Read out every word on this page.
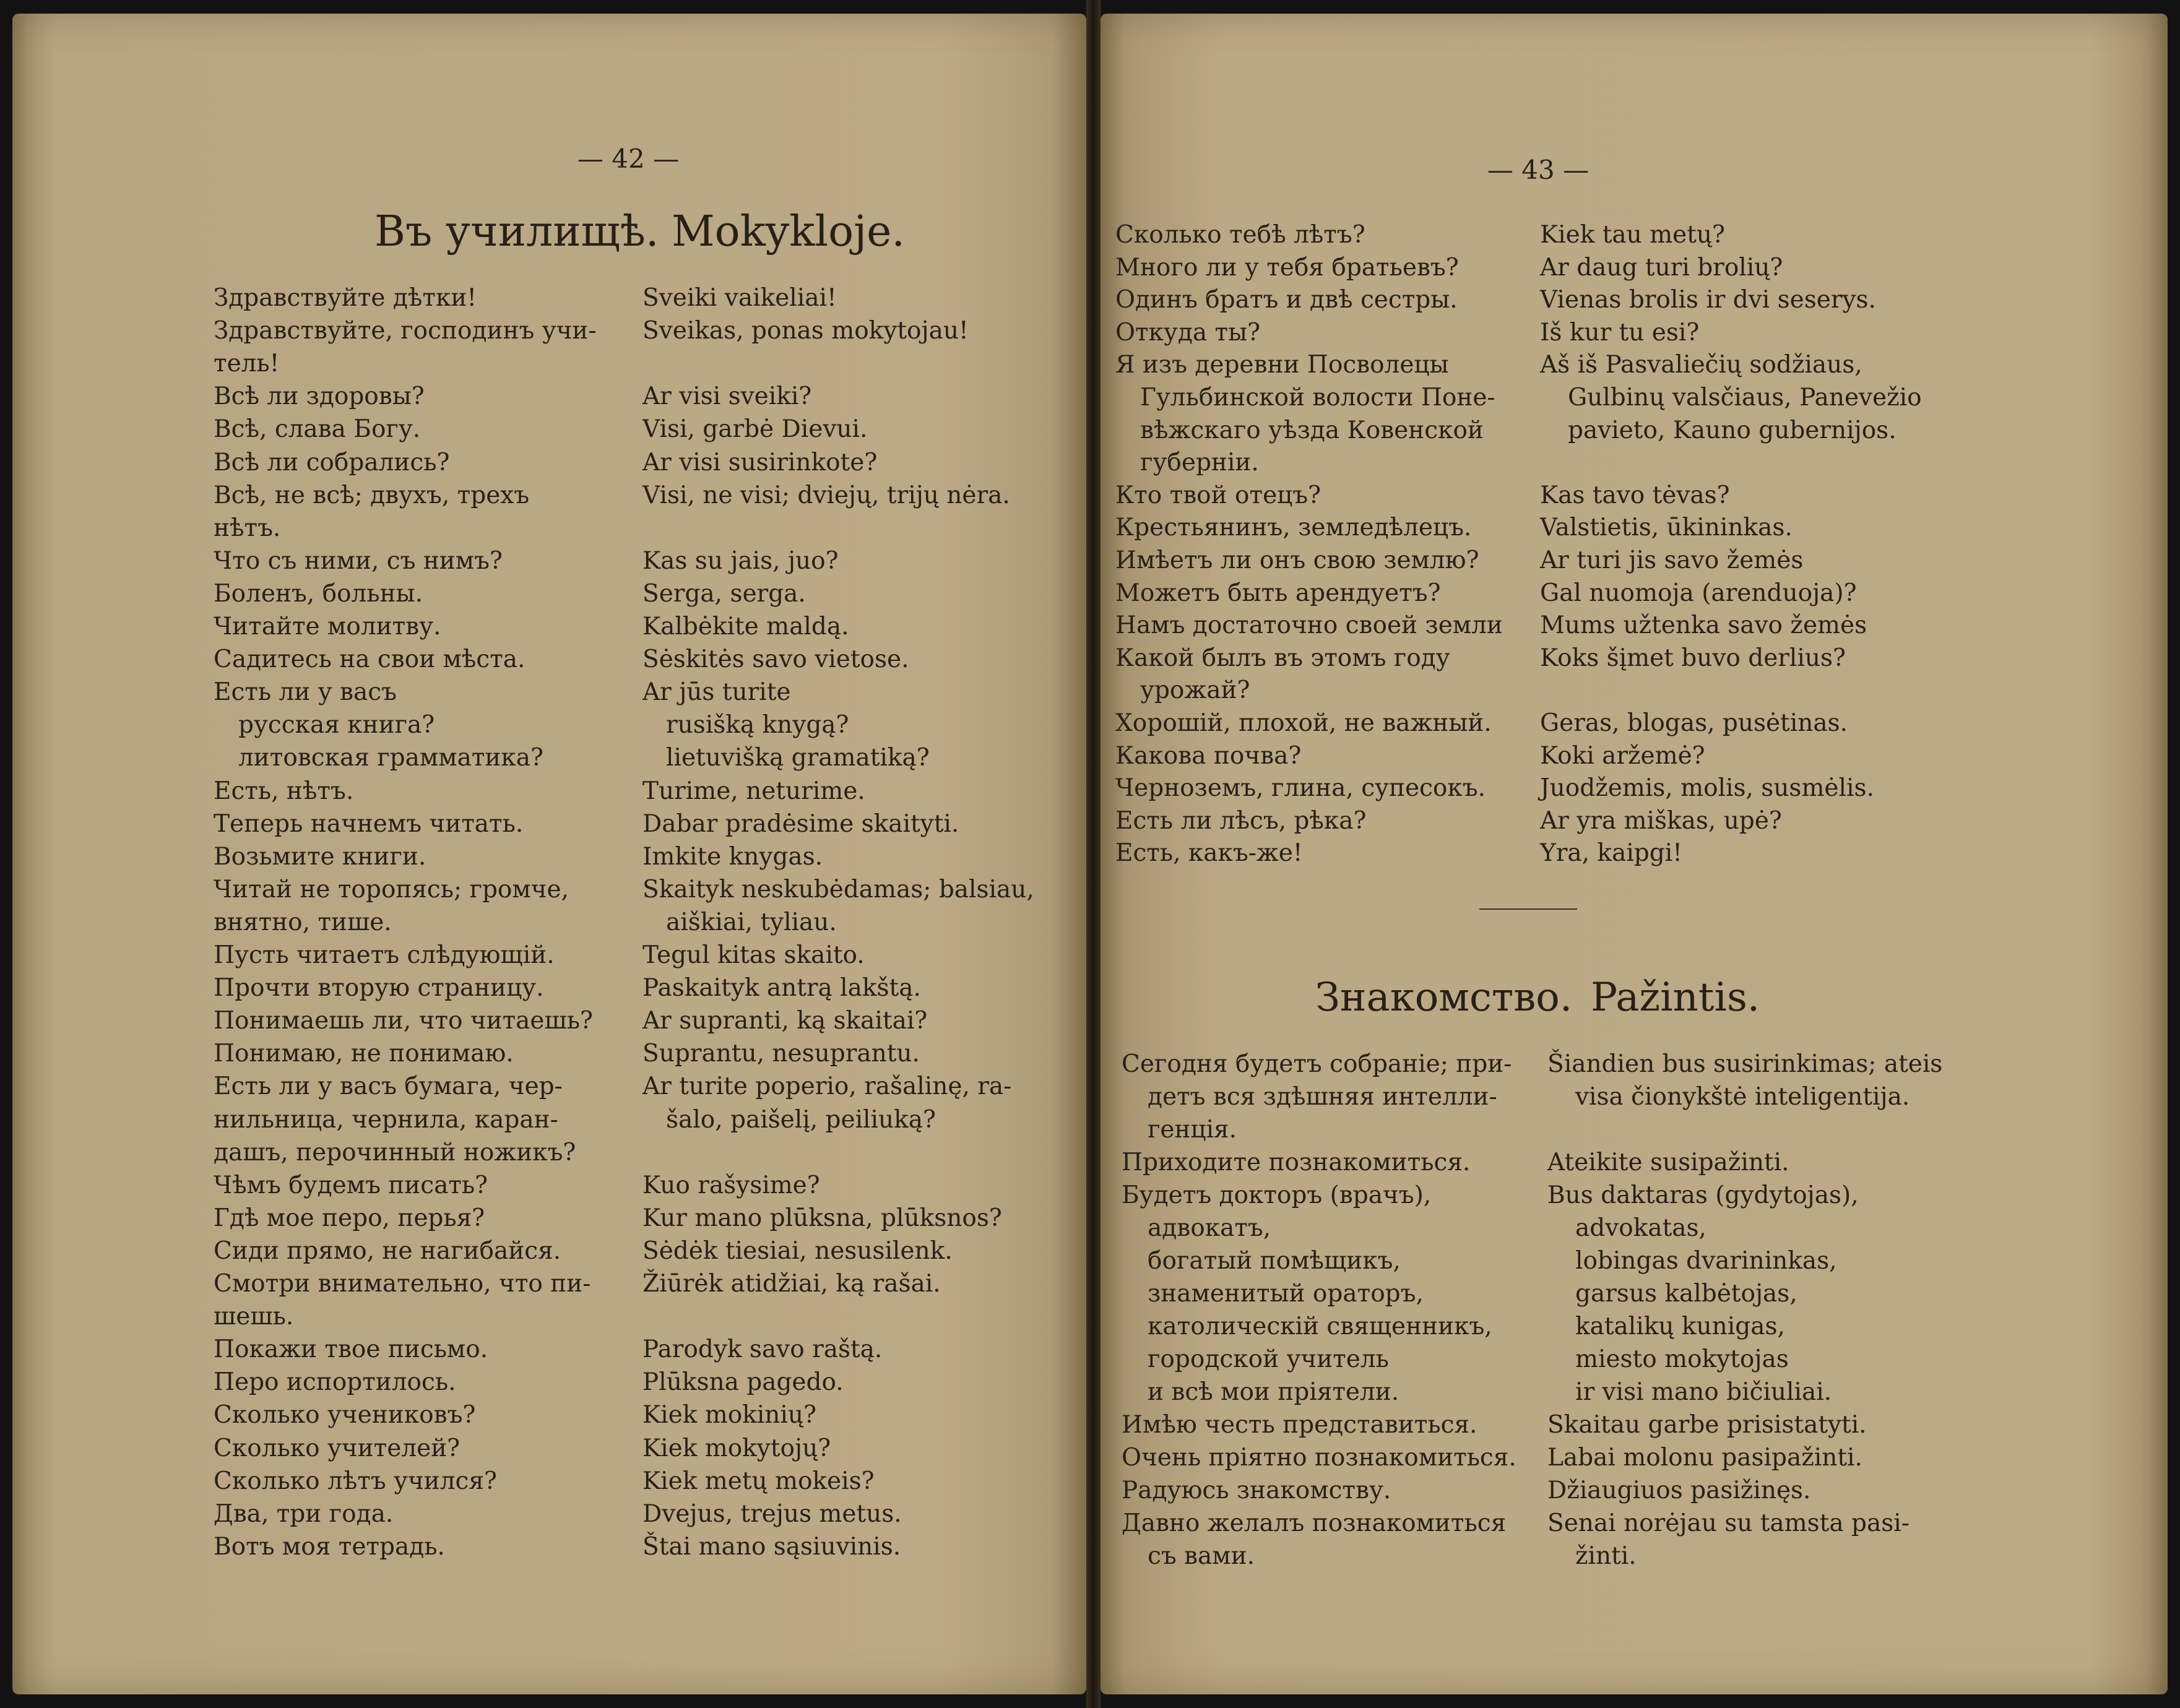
— 42 —
Въ училищѣ. Mokykloje.
— 43 —
Здравствуйте дѣтки!
Здравствуйте, господинъ учи-
тель!
Всѣ ли здоровы?
Всѣ, слава Богу.
Всѣ ли собрались?
Всѣ, не всѣ; двухъ, трехъ
нѣтъ.
Что съ ними, съ нимъ?
Боленъ, больны.
Читайте молитву.
Садитесь на свои мѣста.
Есть ли у васъ
русская книга?
литовская грамматика?
Есть, нѣтъ.
Теперь начнемъ читать.
Возьмите книги.
Читай не торопясь; громче,
внятно, тише.
Пусть читаетъ слѣдующій.
Прочти вторую страницу.
Понимаешь ли, что читаешь?
Понимаю, не понимаю.
Есть ли у васъ бумага, чер-
нильница, чернила, каран-
дашъ, перочинный ножикъ?
Чѣмъ будемъ писать?
Гдѣ мое перо, перья?
Сиди прямо, не нагибайся.
Смотри внимательно, что пи-
шешь.
Покажи твое письмо.
Перо испортилось.
Сколько учениковъ?
Сколько учителей?
Сколько лѣтъ учился?
Два, три года.
Вотъ моя тетрадь.
Sveiki vaikeliai!
Sveikas, ponas mokytojau!
Ar visi sveiki?
Visi, garbė Dievui.
Ar visi susirinkote?
Visi, ne visi; dviejų, trijų nėra.
Kas su jais, juo?
Serga, serga.
Kalbėkite maldą.
Sėskitės savo vietose.
Ar jūs turite
rusišką knygą?
lietuvišką gramatiką?
Turime, neturime.
Dabar pradėsime skaityti.
Imkite knygas.
Skaityk neskubėdamas; balsiau,
aiškiai, tyliau.
Tegul kitas skaito.
Paskaityk antrą lakštą.
Ar supranti, ką skaitai?
Suprantu, nesuprantu.
Ar turite poperio, rašalinę, ra-
šalo, paišelį, peiliuką?
Kuo rašysime?
Kur mano plūksna, plūksnos?
Sėdėk tiesiai, nesusilenk.
Žiūrėk atidžiai, ką rašai.
Parodyk savo raštą.
Plūksna pagedo.
Kiek mokinių?
Kiek mokytojų?
Kiek metų mokeis?
Dvejus, trejus metus.
Štai mano sąsiuvinis.
Сколько тебѣ лѣтъ?
Много ли у тебя братьевъ?
Одинъ братъ и двѣ сестры.
Откуда ты?
Я изъ деревни Посволецы
Гульбинской волости Поне-
вѣжскаго уѣзда Ковенской
губерніи.
Кто твой отецъ?
Крестьянинъ, земледѣлецъ.
Имѣетъ ли онъ свою землю?
Можетъ быть арендуетъ?
Намъ достаточно своей земли
Какой былъ въ этомъ году
урожай?
Хорошій, плохой, не важный.
Какова почва?
Черноземъ, глина, супесокъ.
Есть ли лѣсъ, рѣка?
Есть, какъ-же!
Kiek tau metų?
Ar daug turi brolių?
Vienas brolis ir dvi seserys.
Iš kur tu esi?
Aš iš Pasvaliečių sodžiaus,
Gulbinų valsčiaus, Panevežio
pavieto, Kauno gubernijos.
Kas tavo tėvas?
Valstietis, ūkininkas.
Ar turi jis savo žemės
Gal nuomoja (arenduoja)?
Mums užtenka savo žemės
Koks šįmet buvo derlius?
Geras, blogas, pusėtinas.
Koki aržemė?
Juodžemis, molis, susmėlis.
Ar yra miškas, upė?
Yra, kaipgi!
Сегодня будетъ собраніе; при-
детъ вся здѣшняя интелли-
генція.
Приходите познакомиться.
Будетъ докторъ (врачъ),
адвокатъ,
богатый помѣщикъ,
знаменитый ораторъ,
католическій священникъ,
городской учитель
и всѣ мои пріятели.
Имѣю честь представиться.
Очень пріятно познакомиться.
Радуюсь знакомству.
Давно желалъ познакомиться
съ вами.
Šiandien bus susirinkimas; ateis
visa čionykštė inteligentija.
Ateikite susipažinti.
Bus daktaras (gydytojas),
advokatas,
lobingas dvarininkas,
garsus kalbėtojas,
katalikų kunigas,
miesto mokytojas
ir visi mano bičiuliai.
Skaitau garbe prisistatyti.
Labai molonu pasipažinti.
Džiaugiuos pasižinęs.
Senai norėjau su tamsta pasi-
žinti.
Знакомство. Pažintis.
